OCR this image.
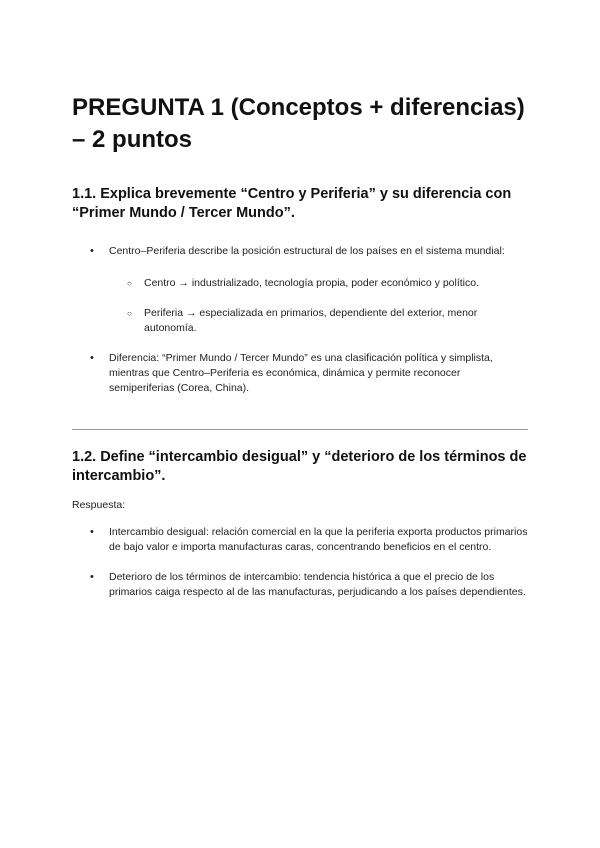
PREGUNTA 1 (Conceptos + diferencias) – 2 puntos
1.1. Explica brevemente “Centro y Periferia” y su diferencia con “Primer Mundo / Tercer Mundo”.
• Centro–Periferia describe la posición estructural de los países en el sistema mundial:
○ Centro → industrializado, tecnología propia, poder económico y político.
○ Periferia → especializada en primarios, dependiente del exterior, menor autonomía.
• Diferencia: “Primer Mundo / Tercer Mundo” es una clasificación política y simplista, mientras que Centro–Periferia es económica, dinámica y permite reconocer semiperiferias (Corea, China).
1.2. Define “intercambio desigual” y “deterioro de los términos de intercambio”.
Respuesta:
• Intercambio desigual: relación comercial en la que la periferia exporta productos primarios de bajo valor e importa manufacturas caras, concentrando beneficios en el centro.
• Deterioro de los términos de intercambio: tendencia histórica a que el precio de los primarios caiga respecto al de las manufacturas, perjudicando a los países dependientes.
